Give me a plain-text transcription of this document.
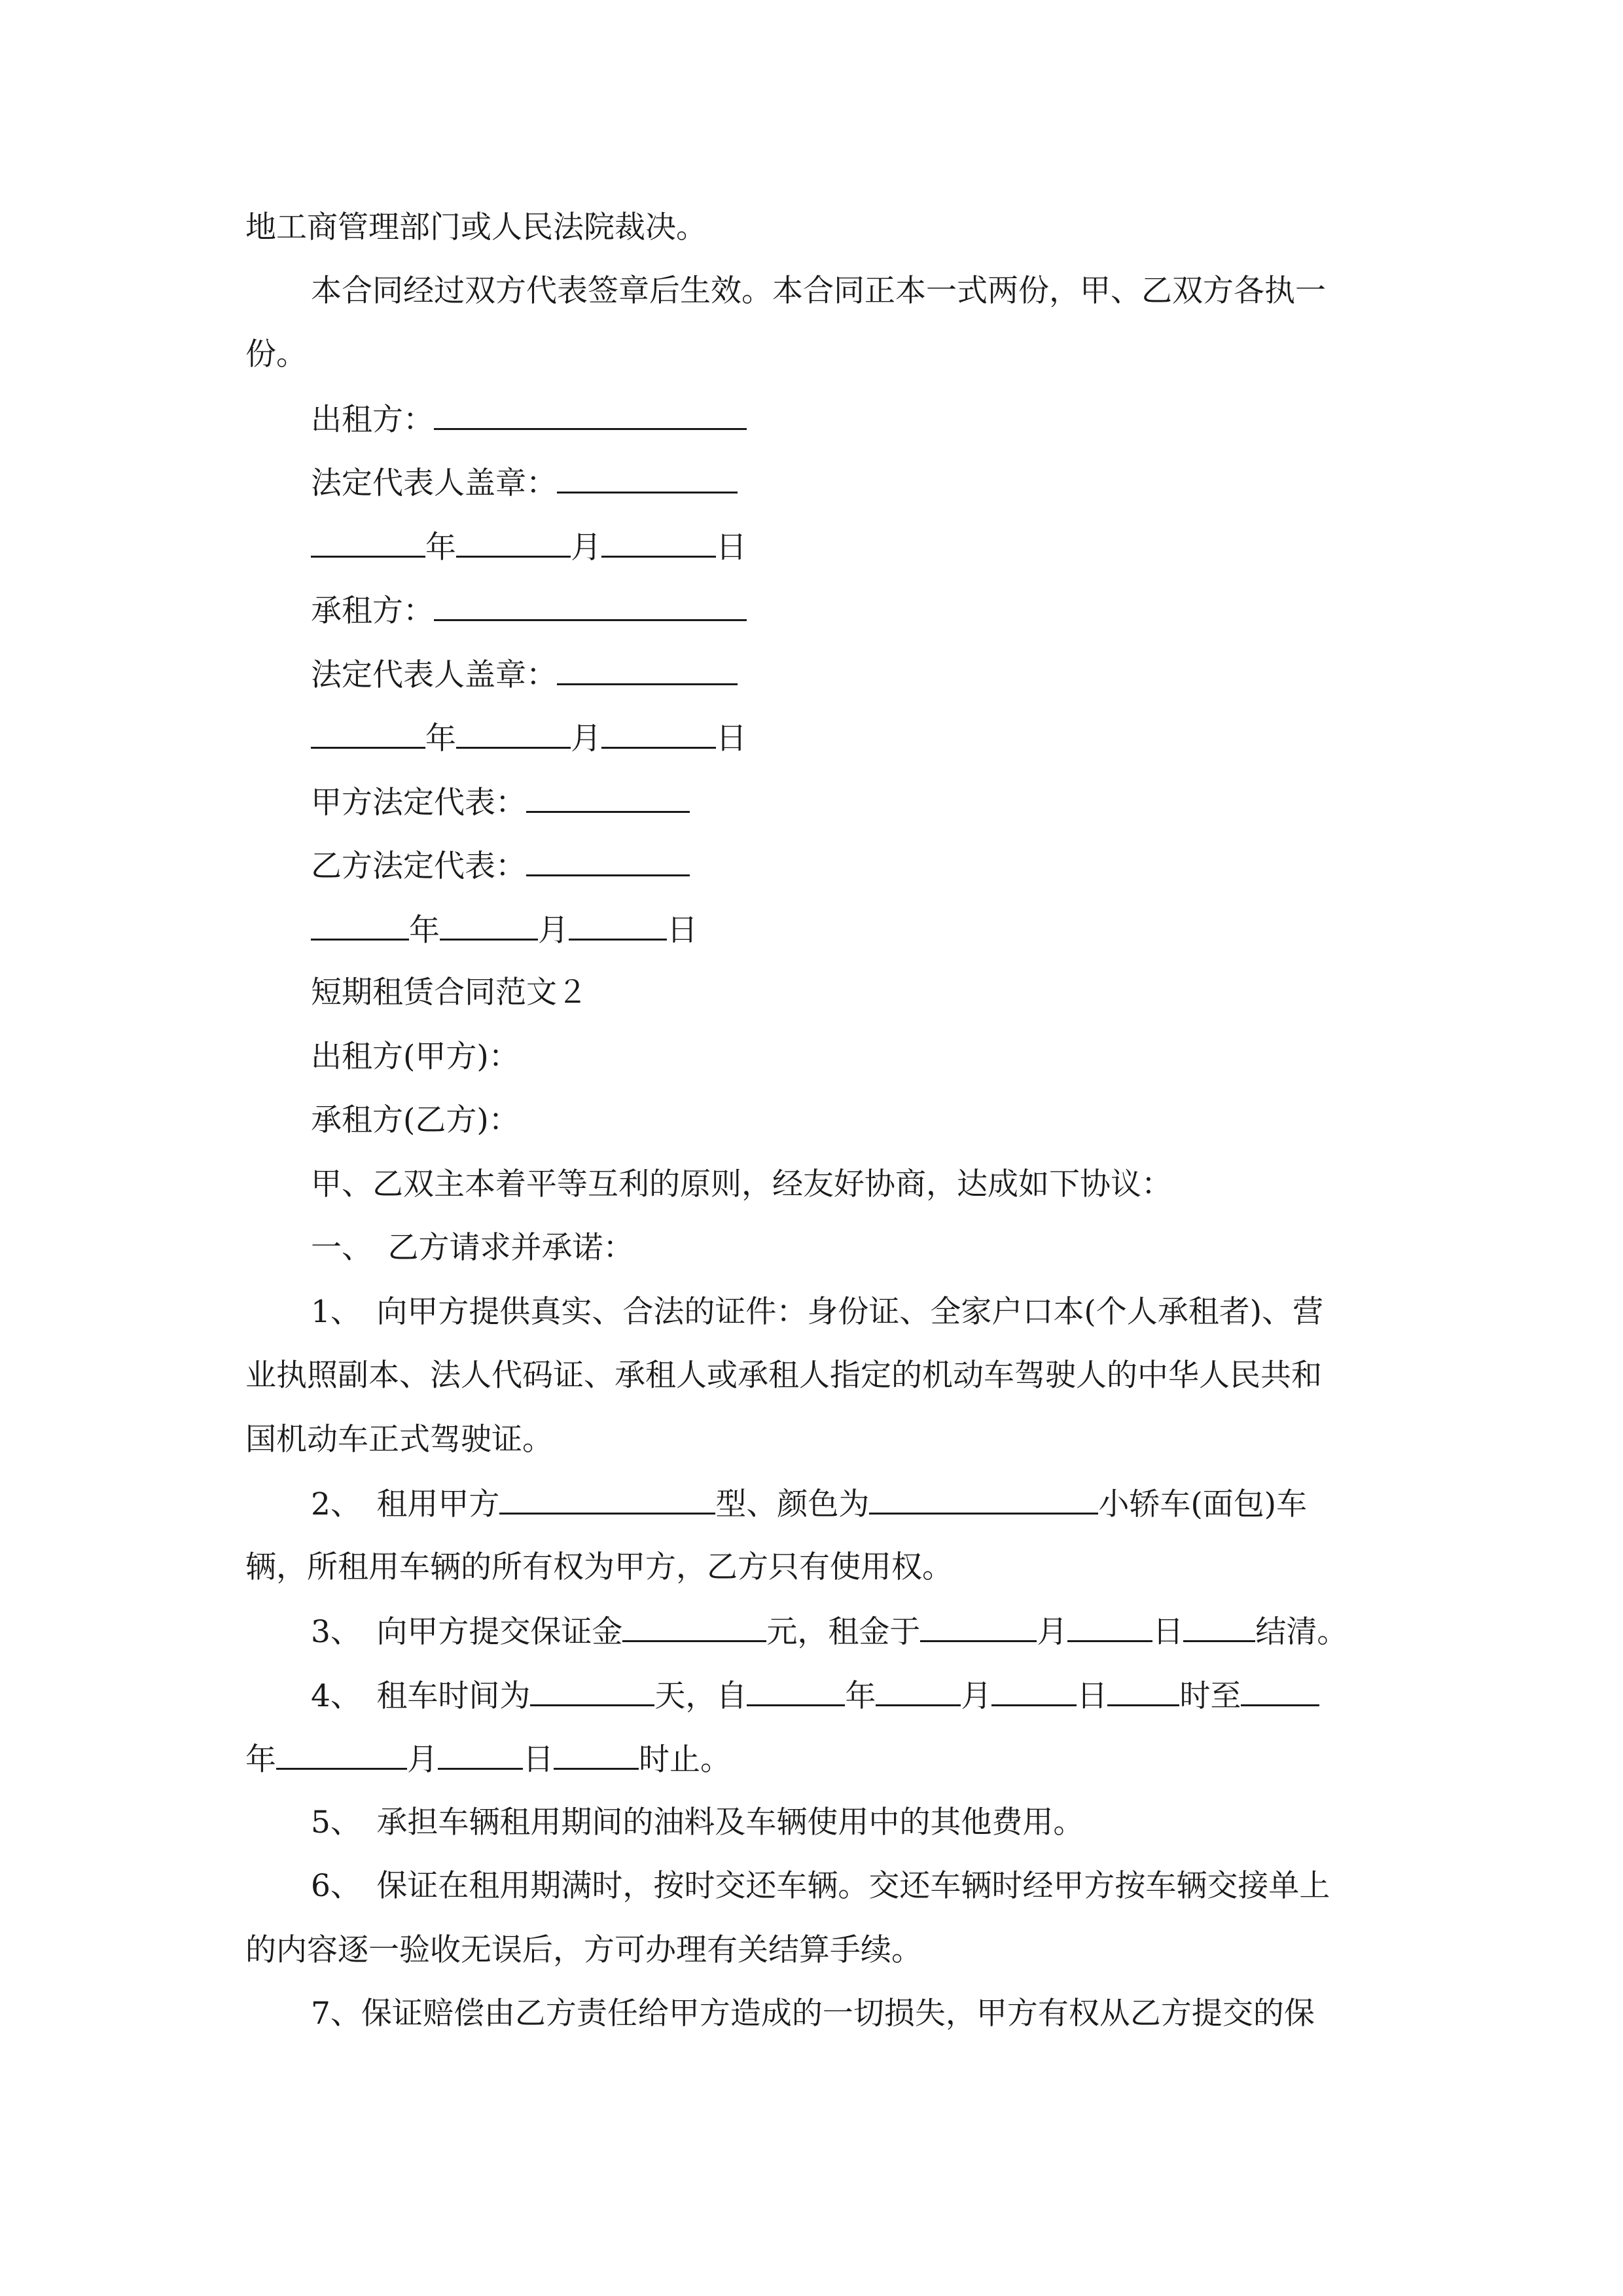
地工商管理部门或人民法院裁决。
本合同经过双方代表签章后生效。本合同正本一式两份，甲、乙双方各执一
份。
出租方：
法定代表人盖章：
年	月	日
承租方：
法定代表人盖章：
年	月	日
甲方法定代表：
乙方法定代表：
年	月	日
短期租赁合同范文２
出租方(甲方)：
承租方(乙方)：
甲、乙双主本着平等互利的原则，经友好协商，达成如下协议：
一、　乙方请求并承诺：
1、　向甲方提供真实、合法的证件：身份证、全家户口本(个人承租者)、营
业执照副本、法人代码证、承租人或承租人指定的机动车驾驶人的中华人民共和
国机动车正式驾驶证。
2、　租用甲方	型、颜色为	小轿车(面包)车
辆，所租用车辆的所有权为甲方，乙方只有使用权。
3、　向甲方提交保证金	元，租金于	月	日 结清。
4、　租车时间为	天，自	年	月	日 时至
年	月	日	时止。
5、　承担车辆租用期间的油料及车辆使用中的其他费用。
6、　保证在租用期满时，按时交还车辆。交还车辆时经甲方按车辆交接单上
的内容逐一验收无误后，方可办理有关结算手续。
7、保证赔偿由乙方责任给甲方造成的一切损失，甲方有权从乙方提交的保
